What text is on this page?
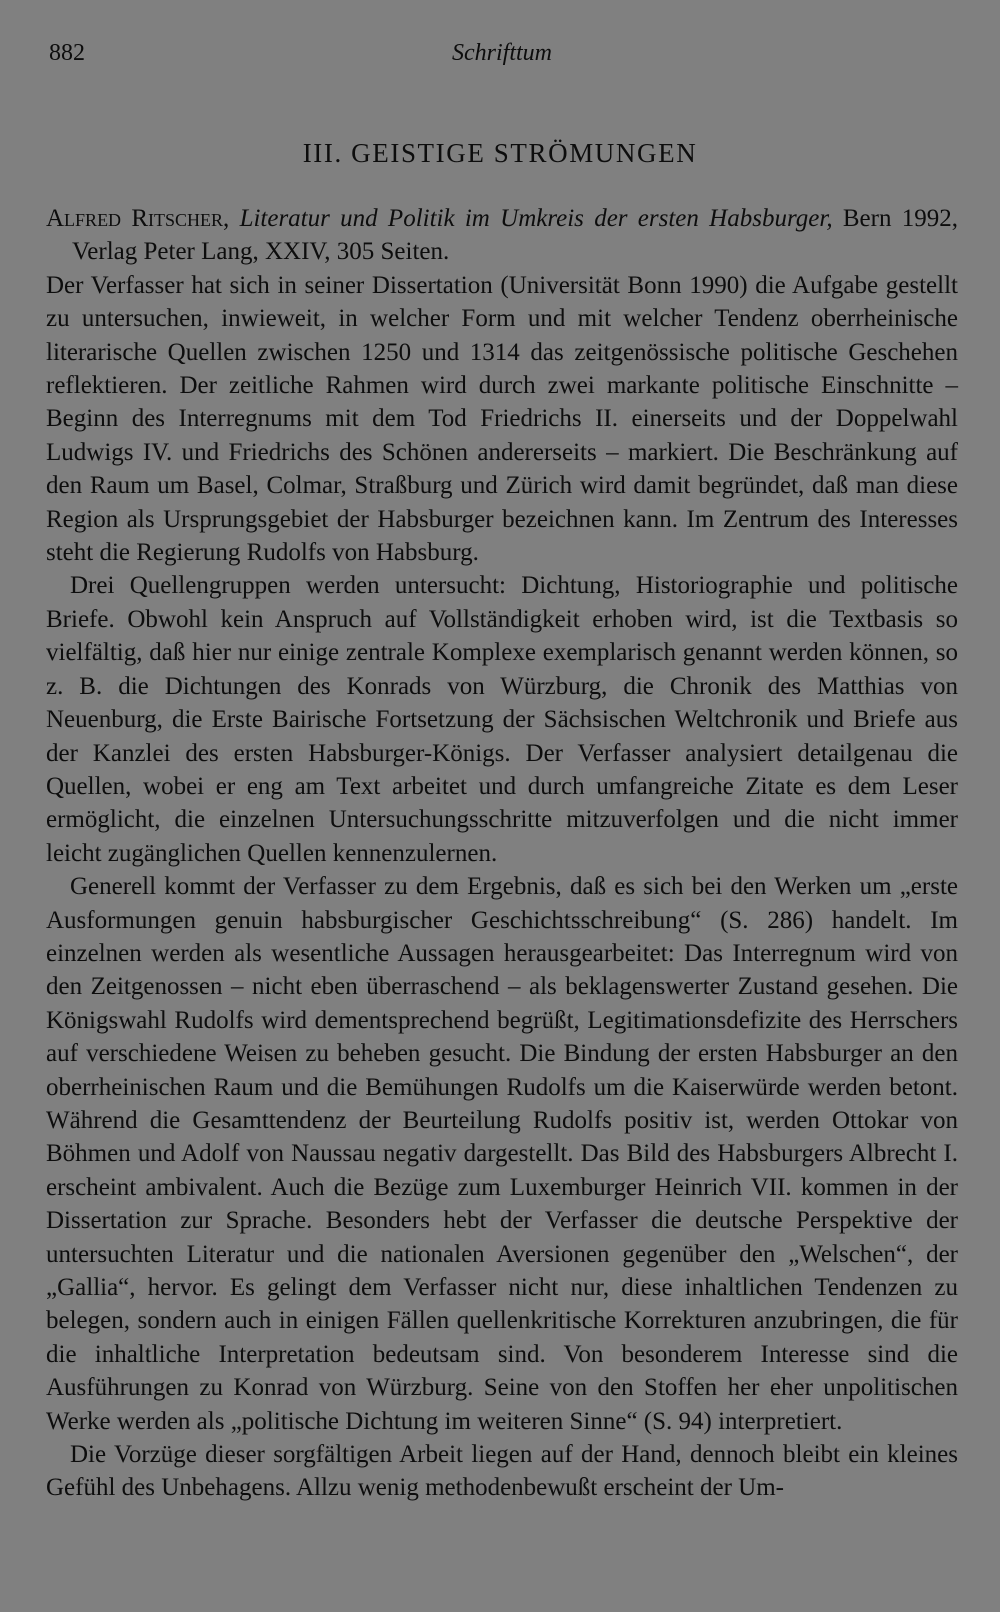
882	Schrifttum
III. GEISTIGE STRÖMUNGEN

Alfred Ritscher, Literatur und Politik im Umkreis der ersten Habsburger, Bern 1992, Verlag Peter Lang, XXIV, 305 Seiten.

Der Verfasser hat sich in seiner Dissertation (Universität Bonn 1990) die Aufgabe gestellt zu untersuchen, inwieweit, in welcher Form und mit welcher Tendenz oberrheinische literarische Quellen zwischen 1250 und 1314 das zeitgenössische politische Geschehen reflektieren. Der zeitliche Rahmen wird durch zwei markante politische Einschnitte – Beginn des Interregnums mit dem Tod Friedrichs II. einerseits und der Doppelwahl Ludwigs IV. und Friedrichs des Schönen andererseits – markiert. Die Beschränkung auf den Raum um Basel, Colmar, Straßburg und Zürich wird damit begründet, daß man diese Region als Ursprungsgebiet der Habsburger bezeichnen kann. Im Zentrum des Interesses steht die Regierung Rudolfs von Habsburg.

Drei Quellengruppen werden untersucht: Dichtung, Historiographie und politische Briefe. Obwohl kein Anspruch auf Vollständigkeit erhoben wird, ist die Textbasis so vielfältig, daß hier nur einige zentrale Komplexe exemplarisch genannt werden können, so z. B. die Dichtungen des Konrads von Würzburg, die Chronik des Matthias von Neuenburg, die Erste Bairische Fortsetzung der Sächsischen Weltchronik und Briefe aus der Kanzlei des ersten Habsburger-Königs. Der Verfasser analysiert detailgenau die Quellen, wobei er eng am Text arbeitet und durch umfangreiche Zitate es dem Leser ermöglicht, die einzelnen Untersuchungsschritte mitzuverfolgen und die nicht immer leicht zugänglichen Quellen kennenzulernen.

Generell kommt der Verfasser zu dem Ergebnis, daß es sich bei den Werken um „erste Ausformungen genuin habsburgischer Geschichtsschreibung“ (S. 286) handelt. Im einzelnen werden als wesentliche Aussagen herausgearbeitet: Das Interregnum wird von den Zeitgenossen – nicht eben überraschend – als beklagenswerter Zustand gesehen. Die Königswahl Rudolfs wird dementsprechend begrüßt, Legitimationsdefizite des Herrschers auf verschiedene Weisen zu beheben gesucht. Die Bindung der ersten Habsburger an den oberrheinischen Raum und die Bemühungen Rudolfs um die Kaiserwürde werden betont. Während die Gesamttendenz der Beurteilung Rudolfs positiv ist, werden Ottokar von Böhmen und Adolf von Naussau negativ dargestellt. Das Bild des Habsburgers Albrecht I. erscheint ambivalent. Auch die Bezüge zum Luxemburger Heinrich VII. kommen in der Dissertation zur Sprache. Besonders hebt der Verfasser die deutsche Perspektive der untersuchten Literatur und die nationalen Aversionen gegenüber den „Welschen“, der „Gallia“, hervor. Es gelingt dem Verfasser nicht nur, diese inhaltlichen Tendenzen zu belegen, sondern auch in einigen Fällen quellenkritische Korrekturen anzubringen, die für die inhaltliche Interpretation bedeutsam sind. Von besonderem Interesse sind die Ausführungen zu Konrad von Würzburg. Seine von den Stoffen her eher unpolitischen Werke werden als „politische Dichtung im weiteren Sinne“ (S. 94) interpretiert.

Die Vorzüge dieser sorgfältigen Arbeit liegen auf der Hand, dennoch bleibt ein kleines Gefühl des Unbehagens. Allzu wenig methodenbewußt erscheint der Um-
